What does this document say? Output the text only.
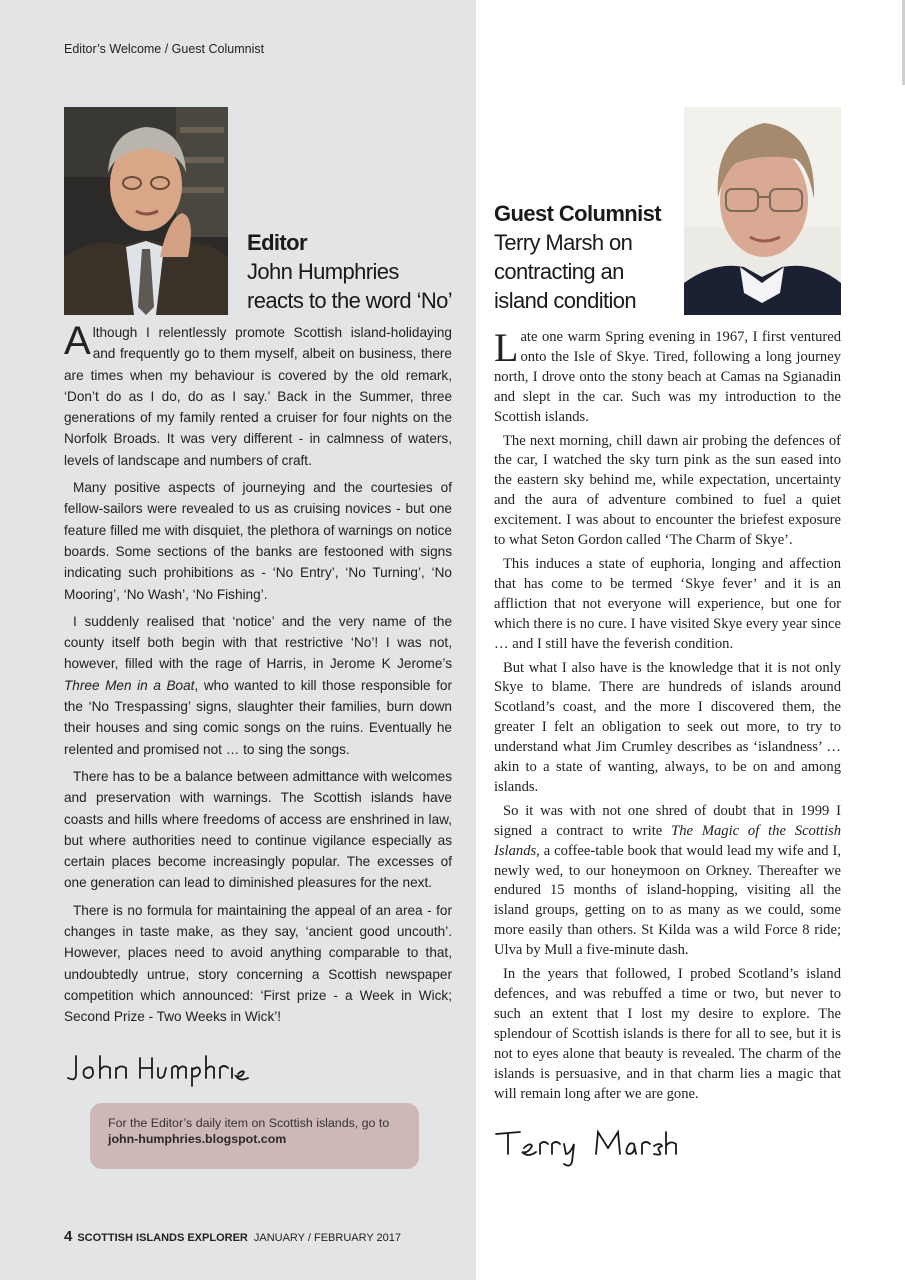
Editor’s Welcome / Guest Columnist
Editor
John Humphries
reacts to the word ‘No’

Although I relentlessly promote Scottish island-holidaying and frequently go to them myself, albeit on business, there are times when my behaviour is covered by the old remark, ‘Don’t do as I do, do as I say.’ Back in the Summer, three generations of my family rented a cruiser for four nights on the Norfolk Broads. It was very different - in calmness of waters, levels of landscape and numbers of craft.

Many positive aspects of journeying and the courtesies of fellow-sailors were revealed to us as cruising novices - but one feature filled me with disquiet, the plethora of warnings on notice boards. Some sections of the banks are festooned with signs indicating such prohibitions as - ‘No Entry’, ‘No Turning’, ‘No Mooring’, ‘No Wash’, ‘No Fishing’.

I suddenly realised that ‘notice’ and the very name of the county itself both begin with that restrictive ‘No’! I was not, however, filled with the rage of Harris, in Jerome K Jerome’s Three Men in a Boat, who wanted to kill those responsible for the ‘No Trespassing’ signs, slaughter their families, burn down their houses and sing comic songs on the ruins. Eventually he relented and promised not … to sing the songs.

There has to be a balance between admittance with welcomes and preservation with warnings. The Scottish islands have coasts and hills where freedoms of access are enshrined in law, but where authorities need to continue vigilance especially as certain places become increasingly popular. The excesses of one generation can lead to diminished pleasures for the next.

There is no formula for maintaining the appeal of an area - for changes in taste make, as they say, ‘ancient good uncouth’. However, places need to avoid anything comparable to that, undoubtedly untrue, story concerning a Scottish newspaper competition which announced: ‘First prize - a Week in Wick; Second Prize - Two Weeks in Wick’!

For the Editor’s daily item on Scottish islands, go to
john-humphries.blogspot.com
Guest Columnist
Terry Marsh on
contracting an
island condition

Late one warm Spring evening in 1967, I first ventured onto the Isle of Skye. Tired, following a long journey north, I drove onto the stony beach at Camas na Sgianadin and slept in the car. Such was my introduction to the Scottish islands.

The next morning, chill dawn air probing the defences of the car, I watched the sky turn pink as the sun eased into the eastern sky behind me, while expectation, uncertainty and the aura of adventure combined to fuel a quiet excitement. I was about to encounter the briefest exposure to what Seton Gordon called ‘The Charm of Skye’.

This induces a state of euphoria, longing and affection that has come to be termed ‘Skye fever’ and it is an affliction that not everyone will experience, but one for which there is no cure. I have visited Skye every year since … and I still have the feverish condition.

But what I also have is the knowledge that it is not only Skye to blame. There are hundreds of islands around Scotland’s coast, and the more I discovered them, the greater I felt an obligation to seek out more, to try to understand what Jim Crumley describes as ‘islandness’ … akin to a state of wanting, always, to be on and among islands.

So it was with not one shred of doubt that in 1999 I signed a contract to write The Magic of the Scottish Islands, a coffee-table book that would lead my wife and I, newly wed, to our honeymoon on Orkney. Thereafter we endured 15 months of island-hopping, visiting all the island groups, getting on to as many as we could, some more easily than others. St Kilda was a wild Force 8 ride; Ulva by Mull a five-minute dash.

In the years that followed, I probed Scotland’s island defences, and was rebuffed a time or two, but never to such an extent that I lost my desire to explore. The splendour of Scottish islands is there for all to see, but it is not to eyes alone that beauty is revealed. The charm of the islands is persuasive, and in that charm lies a magic that will remain long after we are gone.

4 SCOTTISH ISLANDS EXPLORER JANUARY / FEBRUARY 2017
